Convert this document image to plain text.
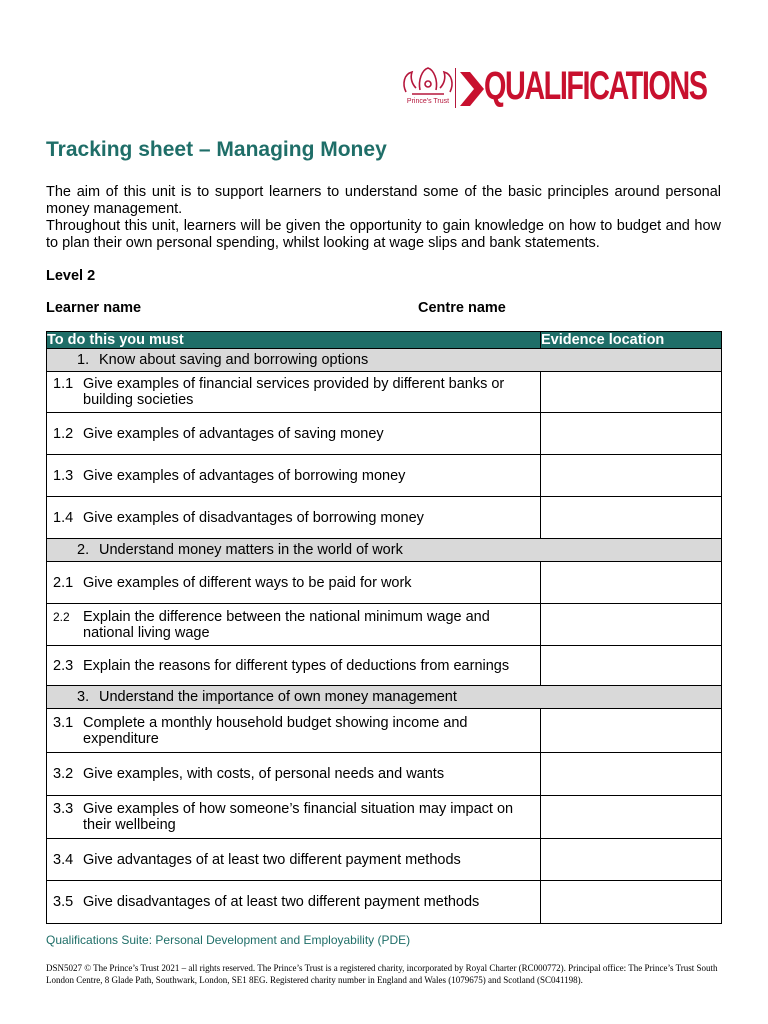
Prince's Trust QUALIFICATIONS
Tracking sheet – Managing Money

The aim of this unit is to support learners to understand some of the basic principles around personal money management.

Throughout this unit, learners will be given the opportunity to gain knowledge on how to budget and how to plan their own personal spending, whilst looking at wage slips and bank statements.

Level 2
Learner name	Centre name
To do this you must	Evidence location
1. Know about saving and borrowing options	

1.1 Give examples of financial services provided by different banks or building societies	

1.2 Give examples of advantages of saving money	

1.3 Give examples of advantages of borrowing money	

1.4 Give examples of disadvantages of borrowing money	

2. Understand money matters in the world of work	

2.1 Give examples of different ways to be paid for work	

2.2 Explain the difference between the national minimum wage and national living wage	

2.3 Explain the reasons for different types of deductions from earnings	

3. Understand the importance of own money management	

3.1 Complete a monthly household budget showing income and expenditure	

3.2 Give examples, with costs, of personal needs and wants	

3.3 Give examples of how someone’s financial situation may impact on their wellbeing	

3.4 Give advantages of at least two different payment methods	

3.5 Give disadvantages of at least two different payment methods	

Qualifications Suite: Personal Development and Employability (PDE)
DSN5027 © The Prince’s Trust 2021 – all rights reserved. The Prince’s Trust is a registered charity, incorporated by Royal Charter (RC000772). Principal office: The Prince’s Trust South London Centre, 8 Glade Path, Southwark, London, SE1 8EG. Registered charity number in England and Wales (1079675) and Scotland (SC041198).
